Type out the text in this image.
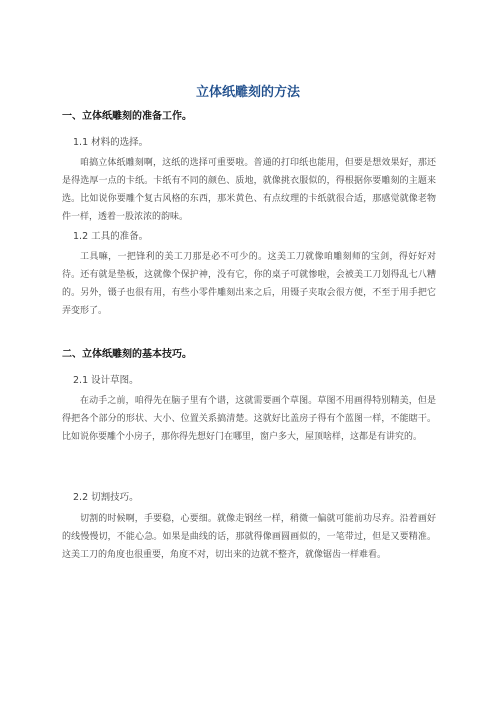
立体纸雕刻的方法
一、立体纸雕刻的准备工作。
1.1 材料的选择。

咱搞立体纸雕刻啊，这纸的选择可重要啦。普通的打印纸也能用，但要是想效果好，那还是得选厚一点的卡纸。卡纸有不同的颜色、质地，就像挑衣服似的，得根据你要雕刻的主题来选。比如说你要雕个复古风格的东西，那米黄色、有点纹理的卡纸就很合适，那感觉就像老物件一样，透着一股浓浓的韵味。

1.2 工具的准备。

工具嘛，一把锋利的美工刀那是必不可少的。这美工刀就像咱雕刻师的宝剑，得好好对待。还有就是垫板，这就像个保护神，没有它，你的桌子可就惨啦，会被美工刀划得乱七八糟的。另外，镊子也很有用，有些小零件雕刻出来之后，用镊子夹取会很方便，不至于用手把它弄变形了。

二、立体纸雕刻的基本技巧。
2.1 设计草图。

在动手之前，咱得先在脑子里有个谱，这就需要画个草图。草图不用画得特别精美，但是得把各个部分的形状、大小、位置关系搞清楚。这就好比盖房子得有个蓝图一样，不能瞎干。比如说你要雕个小房子，那你得先想好门在哪里，窗户多大，屋顶啥样，这都是有讲究的。

2.2 切割技巧。

切割的时候啊，手要稳，心要细。就像走钢丝一样，稍微一偏就可能前功尽弃。沿着画好的线慢慢切，不能心急。如果是曲线的话，那就得像画圆画似的，一笔带过，但是又要精准。这美工刀的角度也很重要，角度不对，切出来的边就不整齐，就像锯齿一样难看。
